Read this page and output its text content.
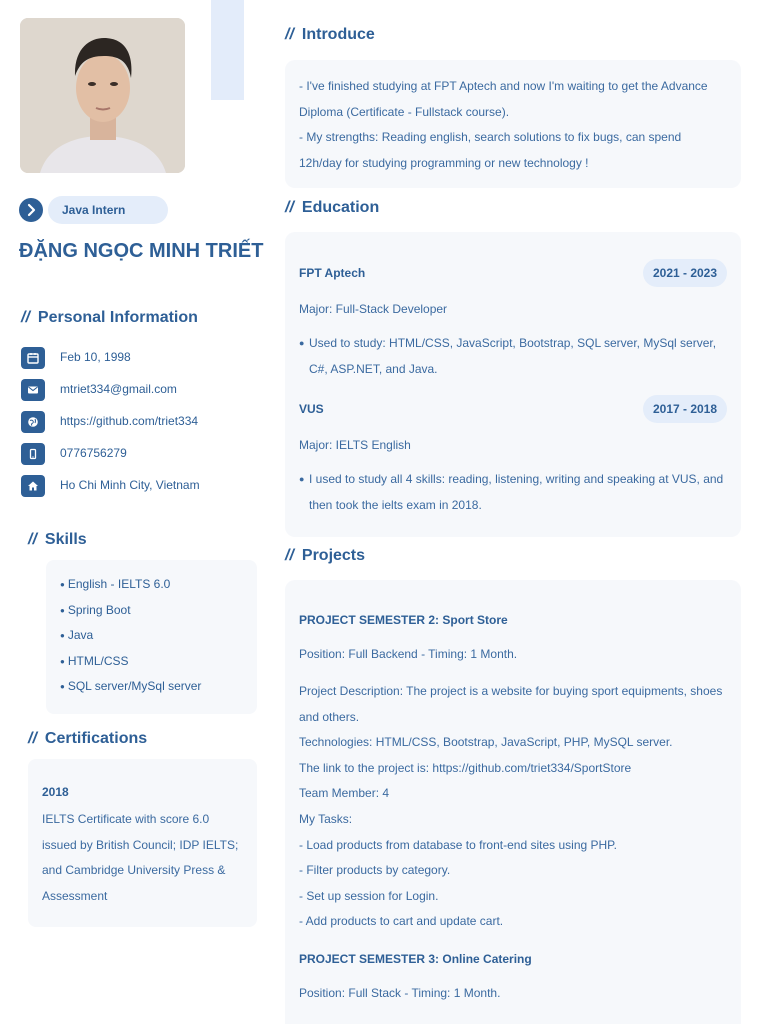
Java Intern
ĐẶNG NGỌC MINH TRIẾT
// Personal Information
Feb 10, 1998
mtriet334@gmail.com
https://github.com/triet334
0776756279
Ho Chi Minh City, Vietnam
// Skills
● English - IELTS 6.0
● Spring Boot
● Java
● HTML/CSS
● SQL server/MySql server
// Certifications
2018
IELTS Certificate with score 6.0 issued by British Council; IDP IELTS; and Cambridge University Press & Assessment
// Introduce
- I've finished studying at FPT Aptech and now I'm waiting to get the Advance Diploma (Certificate - Fullstack course).
- My strengths: Reading english, search solutions to fix bugs, can spend 12h/day for studying programming or new technology !
// Education
FPT Aptech	2021 - 2023
Major: Full-Stack Developer
● Used to study: HTML/CSS, JavaScript, Bootstrap, SQL server, MySql server, C#, ASP.NET, and Java.
VUS	2017 - 2018
Major: IELTS English
● I used to study all 4 skills: reading, listening, writing and speaking at VUS, and then took the ielts exam in 2018.
// Projects
PROJECT SEMESTER 2: Sport Store
Position: Full Backend - Timing: 1 Month.
Project Description: The project is a website for buying sport equipments, shoes and others.
Technologies: HTML/CSS, Bootstrap, JavaScript, PHP, MySQL server.
The link to the project is: https://github.com/triet334/SportStore
Team Member: 4
My Tasks:
- Load products from database to front-end sites using PHP.
- Filter products by category.
- Set up session for Login.
- Add products to cart and update cart.
PROJECT SEMESTER 3: Online Catering
Position: Full Stack - Timing: 1 Month.
